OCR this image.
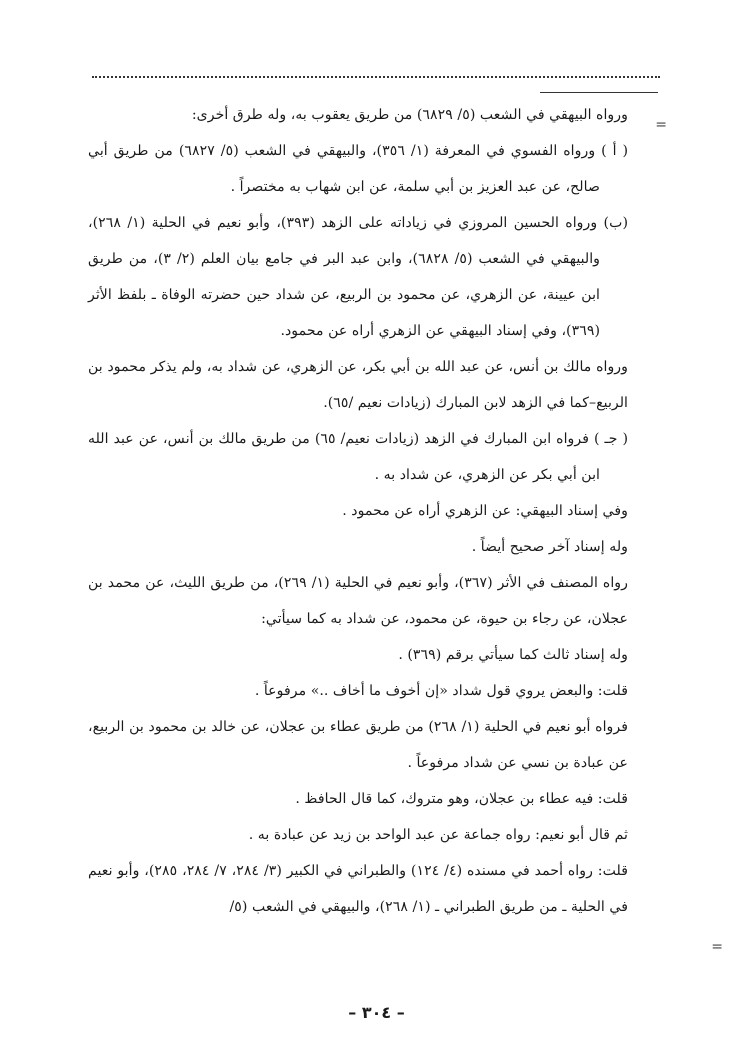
=
=

ورواه البيهقي في الشعب (٥/ ٦٨٢٩) من طريق يعقوب به، وله طرق أخرى:

( أ ) ورواه الفسوي في المعرفة (١/ ٣٥٦)، والبيهقي في الشعب (٥/ ٦٨٢٧) من طريق أبي صالح، عن عبد العزيز بن أبي سلمة، عن ابن شهاب به مختصراً .

(ب) ورواه الحسين المروزي في زياداته على الزهد (٣٩٣)، وأبو نعيم في الحلية (١/ ٢٦٨)، والبيهقي في الشعب (٥/ ٦٨٢٨)، وابن عبد البر في جامع بيان العلم (٢/ ٣)، من طريق ابن عيينة، عن الزهري، عن محمود بن الربيع، عن شداد حين حضرته الوفاة ـ بلفظ الأثر (٣٦٩)، وفي إسناد البيهقي عن الزهري أراه عن محمود.

ورواه مالك بن أنس، عن عبد الله بن أبي بكر، عن الزهري، عن شداد به، ولم يذكر محمود بن الربيع–كما في الزهد لابن المبارك (زيادات نعيم /٦٥).

( جـ ) فرواه ابن المبارك في الزهد (زيادات نعيم/ ٦٥) من طريق مالك بن أنس، عن عبد الله ابن أبي بكر عن الزهري، عن شداد به .

وفي إسناد البيهقي: عن الزهري أراه عن محمود .

وله إسناد آخر صحيح أيضاً .

رواه المصنف في الأثر (٣٦٧)، وأبو نعيم في الحلية (١/ ٢٦٩)، من طريق الليث، عن محمد بن عجلان، عن رجاء بن حيوة، عن محمود، عن شداد به كما سيأتي:

وله إسناد ثالث كما سيأتي برقم (٣٦٩) .

قلت: والبعض يروي قول شداد «إن أخوف ما أخاف ..» مرفوعاً .

فرواه أبو نعيم في الحلية (١/ ٢٦٨) من طريق عطاء بن عجلان، عن خالد بن محمود بن الربيع، عن عبادة بن نسي عن شداد مرفوعاً .

قلت: فيه عطاء بن عجلان، وهو متروك، كما قال الحافظ .

ثم قال أبو نعيم: رواه جماعة عن عبد الواحد بن زيد عن عبادة به .

قلت: رواه أحمد في مسنده (٤/ ١٢٤) والطبراني في الكبير (٣/ ٢٨٤، ٧/ ٢٨٤، ٢٨٥)، وأبو نعيم في الحلية ـ من طريق الطبراني ـ (١/ ٢٦٨)، والبيهقي في الشعب (٥/

– ٣٠٤ –
